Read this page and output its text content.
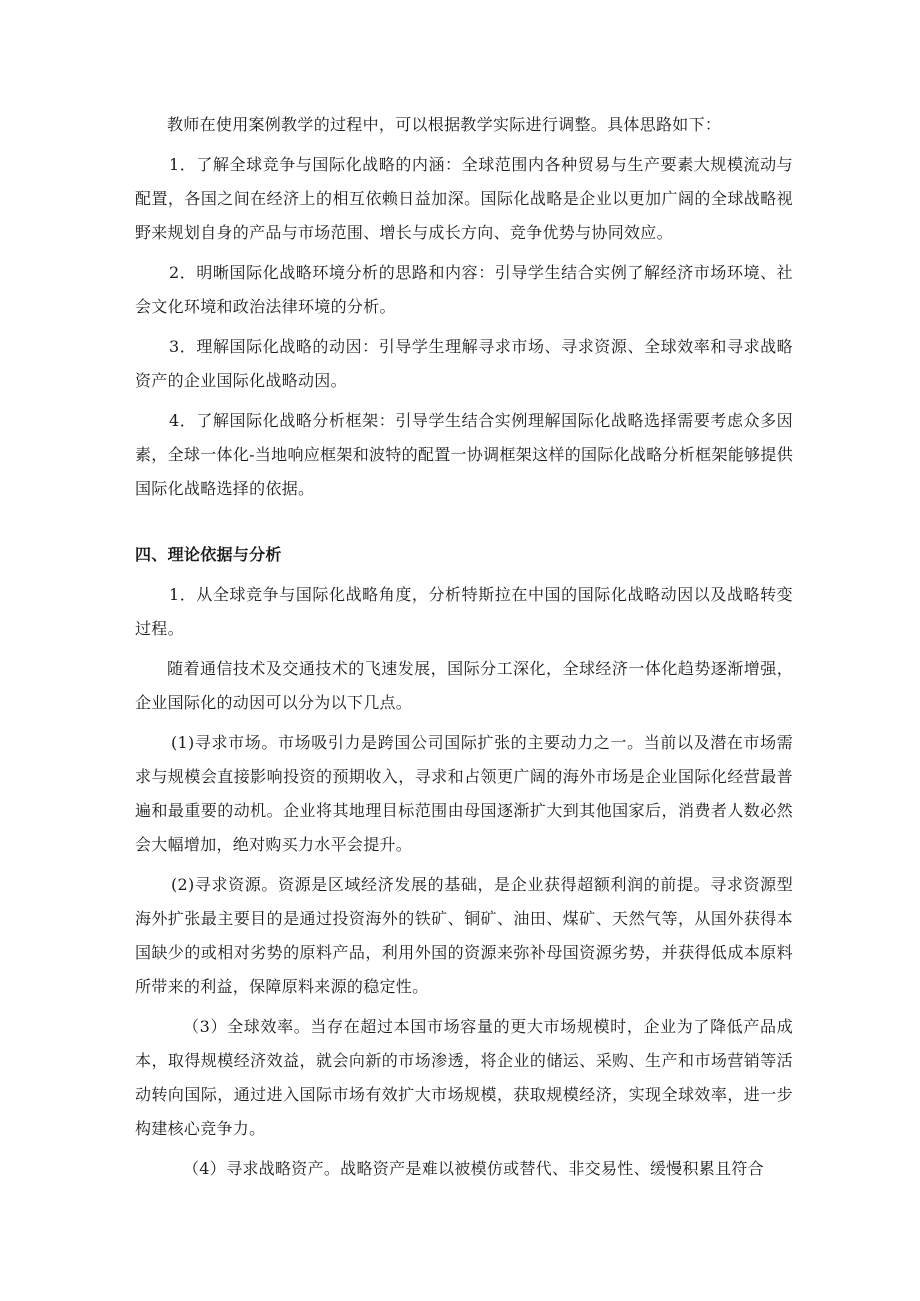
教师在使用案例教学的过程中，可以根据教学实际进行调整。具体思路如下：

1．了解全球竞争与国际化战略的内涵：全球范围内各种贸易与生产要素大规模流动与配置，各国之间在经济上的相互依赖日益加深。国际化战略是企业以更加广阔的全球战略视野来规划自身的产品与市场范围、增长与成长方向、竞争优势与协同效应。

2．明晰国际化战略环境分析的思路和内容：引导学生结合实例了解经济市场环境、社会文化环境和政治法律环境的分析。

3．理解国际化战略的动因：引导学生理解寻求市场、寻求资源、全球效率和寻求战略资产的企业国际化战略动因。

4．了解国际化战略分析框架：引导学生结合实例理解国际化战略选择需要考虑众多因素，全球一体化-当地响应框架和波特的配置一协调框架这样的国际化战略分析框架能够提供国际化战略选择的依据。

四、理论依据与分析

1．从全球竞争与国际化战略角度，分析特斯拉在中国的国际化战略动因以及战略转变过程。

随着通信技术及交通技术的飞速发展，国际分工深化，全球经济一体化趋势逐渐增强，企业国际化的动因可以分为以下几点。

(1)寻求市场。市场吸引力是跨国公司国际扩张的主要动力之一。当前以及潜在市场需求与规模会直接影响投资的预期收入，寻求和占领更广阔的海外市场是企业国际化经营最普遍和最重要的动机。企业将其地理目标范围由母国逐渐扩大到其他国家后，消费者人数必然会大幅增加，绝对购买力水平会提升。

(2)寻求资源。资源是区域经济发展的基础，是企业获得超额利润的前提。寻求资源型海外扩张最主要目的是通过投资海外的铁矿、铜矿、油田、煤矿、天然气等，从国外获得本国缺少的或相对劣势的原料产品，利用外国的资源来弥补母国资源劣势，并获得低成本原料所带来的利益，保障原料来源的稳定性。

（3）全球效率。当存在超过本国市场容量的更大市场规模时，企业为了降低产品成本，取得规模经济效益，就会向新的市场渗透，将企业的储运、采购、生产和市场营销等活动转向国际，通过进入国际市场有效扩大市场规模，获取规模经济，实现全球效率，进一步构建核心竞争力。

（4）寻求战略资产。战略资产是难以被模仿或替代、非交易性、缓慢积累且符合
